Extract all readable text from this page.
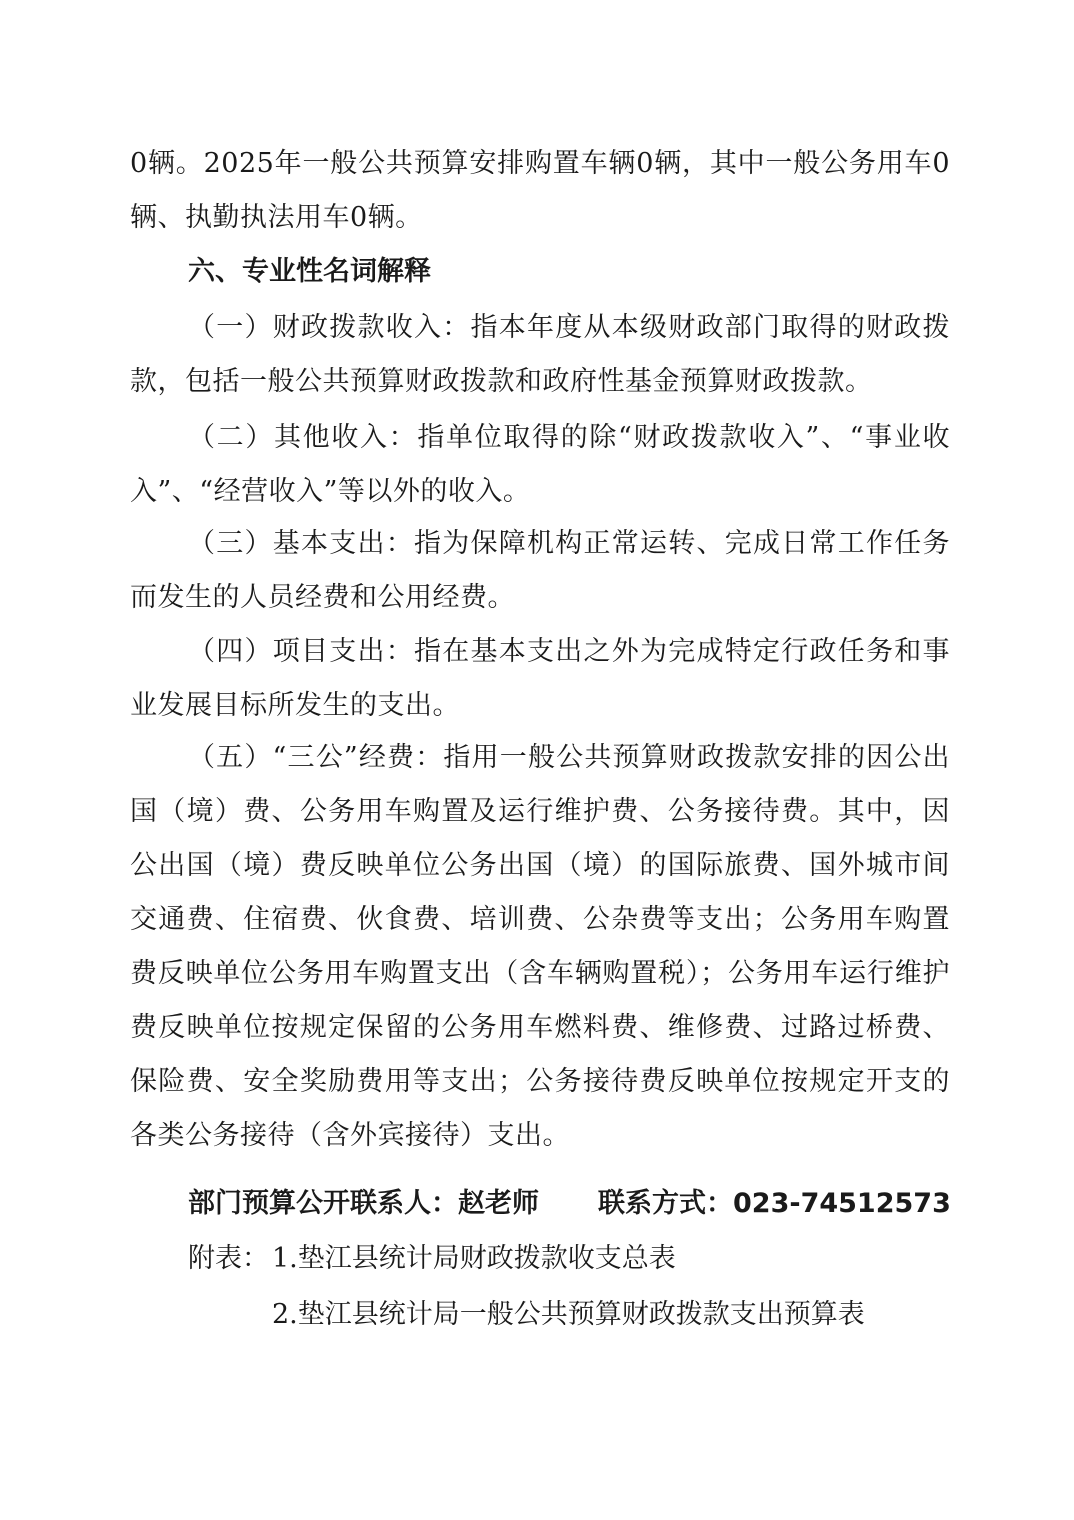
0辆。2025年一般公共预算安排购置车辆0辆，其中一般公务用车0辆、执勤执法用车0辆。
六、专业性名词解释
（一）财政拨款收入：指本年度从本级财政部门取得的财政拨款，包括一般公共预算财政拨款和政府性基金预算财政拨款。
（二）其他收入：指单位取得的除“财政拨款收入”、“事业收入”、“经营收入”等以外的收入。
（三）基本支出：指为保障机构正常运转、完成日常工作任务而发生的人员经费和公用经费。
（四）项目支出：指在基本支出之外为完成特定行政任务和事业发展目标所发生的支出。
（五）“三公”经费：指用一般公共预算财政拨款安排的因公出国（境）费、公务用车购置及运行维护费、公务接待费。其中，因公出国（境）费反映单位公务出国（境）的国际旅费、国外城市间交通费、住宿费、伙食费、培训费、公杂费等支出；公务用车购置费反映单位公务用车购置支出（含车辆购置税）；公务用车运行维护费反映单位按规定保留的公务用车燃料费、维修费、过路过桥费、保险费、安全奖励费用等支出；公务接待费反映单位按规定开支的各类公务接待（含外宾接待）支出。
部门预算公开联系人：赵老师 联系方式：023-74512573
附表： 1.垫江县统计局财政拨款收支总表
2.垫江县统计局一般公共预算财政拨款支出预算表
